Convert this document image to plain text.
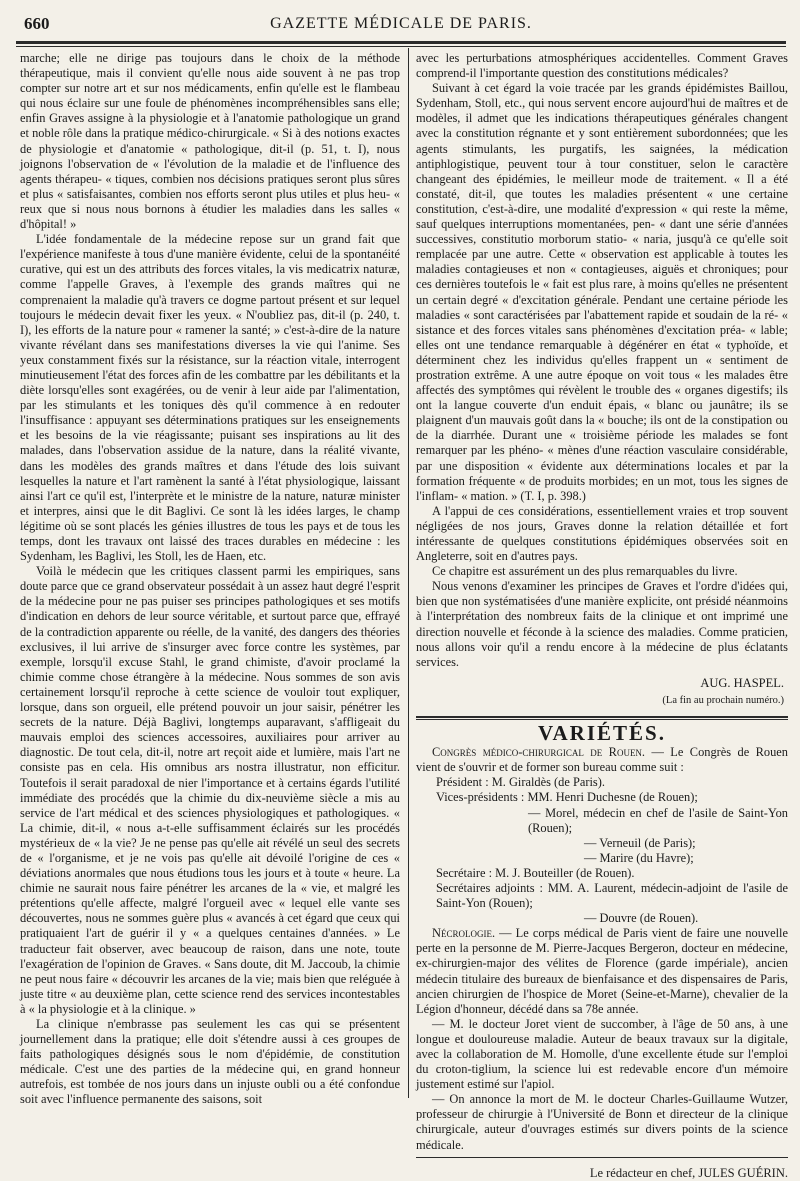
660	GAZETTE MÉDICALE DE PARIS.

marche; elle ne dirige pas toujours dans le choix de la méthode thérapeutique, mais il convient qu'elle nous aide souvent à ne pas trop compter sur notre art et sur nos médicaments, enfin qu'elle est le flambeau qui nous éclaire sur une foule de phénomènes incompréhensibles sans elle; enfin Graves assigne à la physiologie et à l'anatomie pathologique un grand et noble rôle dans la pratique médico-chirurgicale. « Si à des notions exactes de physiologie et d'anatomie « pathologique, dit-il (p. 51, t. I), nous joignons l'observation de « l'évolution de la maladie et de l'influence des agents thérapeu- « tiques, combien nos décisions pratiques seront plus sûres et plus « satisfaisantes, combien nos efforts seront plus utiles et plus heu- « reux que si nous nous bornons à étudier les maladies dans les salles « d'hôpital! »

L'idée fondamentale de la médecine repose sur un grand fait que l'expérience manifeste à tous d'une manière évidente, celui de la spontanéité curative, qui est un des attributs des forces vitales, la vis medicatrix naturæ, comme l'appelle Graves, à l'exemple des grands maîtres qui ne comprenaient la maladie qu'à travers ce dogme partout présent et sur lequel toujours le médecin devait fixer les yeux. « N'oubliez pas, dit-il (p. 240, t. I), les efforts de la nature pour « ramener la santé; » c'est-à-dire de la nature vivante révélant dans ses manifestations diverses la vie qui l'anime. Ses yeux constamment fixés sur la résistance, sur la réaction vitale, interrogent minutieusement l'état des forces afin de les combattre par les débilitants et la diète lorsqu'elles sont exagérées, ou de venir à leur aide par l'alimentation, par les stimulants et les toniques dès qu'il commence à en redouter l'insuffisance : appuyant ses déterminations pratiques sur les enseignements et les besoins de la vie réagissante; puisant ses inspirations au lit des malades, dans l'observation assidue de la nature, dans la réalité vivante, dans les modèles des grands maîtres et dans l'étude des lois suivant lesquelles la nature et l'art ramènent la santé à l'état physiologique, laissant ainsi l'art ce qu'il est, l'interprète et le ministre de la nature, naturæ minister et interpres, ainsi que le dit Baglivi. Ce sont là les idées larges, le champ légitime où se sont placés les génies illustres de tous les pays et de tous les temps, dont les travaux ont laissé des traces durables en médecine : les Sydenham, les Baglivi, les Stoll, les de Haen, etc.

Voilà le médecin que les critiques classent parmi les empiriques, sans doute parce que ce grand observateur possédait à un assez haut degré l'esprit de la médecine pour ne pas puiser ses principes pathologiques et ses motifs d'indication en dehors de leur source véritable, et surtout parce que, effrayé de la contradiction apparente ou réelle, de la vanité, des dangers des théories exclusives, il lui arrive de s'insurger avec force contre les systèmes, par exemple, lorsqu'il excuse Stahl, le grand chimiste, d'avoir proclamé la chimie comme chose étrangère à la médecine. Nous sommes de son avis certainement lorsqu'il reproche à cette science de vouloir tout expliquer, lorsque, dans son orgueil, elle prétend pouvoir un jour saisir, pénétrer les secrets de la nature. Déjà Baglivi, longtemps auparavant, s'affligeait du mauvais emploi des sciences accessoires, auxiliaires pour arriver au diagnostic. De tout cela, dit-il, notre art reçoit aide et lumière, mais l'art ne consiste pas en cela. His omnibus ars nostra illustratur, non efficitur. Toutefois il serait paradoxal de nier l'importance et à certains égards l'utilité immédiate des procédés que la chimie du dix-neuvième siècle a mis au service de l'art médical et des sciences physiologiques et pathologiques. « La chimie, dit-il, « nous a-t-elle suffisamment éclairés sur les procédés mystérieux de « la vie? Je ne pense pas qu'elle ait révélé un seul des secrets de « l'organisme, et je ne vois pas qu'elle ait dévoilé l'origine de ces « déviations anormales que nous étudions tous les jours et à toute « heure. La chimie ne saurait nous faire pénétrer les arcanes de la « vie, et malgré les prétentions qu'elle affecte, malgré l'orgueil avec « lequel elle vante ses découvertes, nous ne sommes guère plus « avancés à cet égard que ceux qui pratiquaient l'art de guérir il y « a quelques centaines d'années. » Le traducteur fait observer, avec beaucoup de raison, dans une note, toute l'exagération de l'opinion de Graves. « Sans doute, dit M. Jaccoub, la chimie ne peut nous faire « découvrir les arcanes de la vie; mais bien que reléguée à juste titre « au deuxième plan, cette science rend des services incontestables à « la physiologie et à la clinique. »

La clinique n'embrasse pas seulement les cas qui se présentent journellement dans la pratique; elle doit s'étendre aussi à ces groupes de faits pathologiques désignés sous le nom d'épidémie, de constitution médicale. C'est une des parties de la médecine qui, en grand honneur autrefois, est tombée de nos jours dans un injuste oubli ou a été confondue soit avec l'influence permanente des saisons, soit

avec les perturbations atmosphériques accidentelles. Comment Graves comprend-il l'importante question des constitutions médicales?

Suivant à cet égard la voie tracée par les grands épidémistes Baillou, Sydenham, Stoll, etc., qui nous servent encore aujourd'hui de maîtres et de modèles, il admet que les indications thérapeutiques générales changent avec la constitution régnante et y sont entièrement subordonnées; que les agents stimulants, les purgatifs, les saignées, la médication antiphlogistique, peuvent tour à tour constituer, selon le caractère changeant des épidémies, le meilleur mode de traitement. « Il a été constaté, dit-il, que toutes les maladies présentent « une certaine constitution, c'est-à-dire, une modalité d'expression « qui reste la même, sauf quelques interruptions momentanées, pen- « dant une série d'années successives, constitutio morborum statio- « naria, jusqu'à ce qu'elle soit remplacée par une autre. Cette « observation est applicable à toutes les maladies contagieuses et non « contagieuses, aiguës et chroniques; pour ces dernières toutefois le « fait est plus rare, à moins qu'elles ne présentent un certain degré « d'excitation générale. Pendant une certaine période les maladies « sont caractérisées par l'abattement rapide et soudain de la ré- « sistance et des forces vitales sans phénomènes d'excitation préa- « lable; elles ont une tendance remarquable à dégénérer en état « typhoïde, et déterminent chez les individus qu'elles frappent un « sentiment de prostration extrême. A une autre époque on voit tous « les malades être affectés des symptômes qui révèlent le trouble des « organes digestifs; ils ont la langue couverte d'un enduit épais, « blanc ou jaunâtre; ils se plaignent d'un mauvais goût dans la « bouche; ils ont de la constipation ou de la diarrhée. Durant une « troisième période les malades se font remarquer par les phéno- « mènes d'une réaction vasculaire considérable, par une disposition « évidente aux déterminations locales et par la formation fréquente « de produits morbides; en un mot, tous les signes de l'inflam- « mation. » (T. I, p. 398.)

A l'appui de ces considérations, essentiellement vraies et trop souvent négligées de nos jours, Graves donne la relation détaillée et fort intéressante de quelques constitutions épidémiques observées soit en Angleterre, soit en d'autres pays.

Ce chapitre est assurément un des plus remarquables du livre.

Nous venons d'examiner les principes de Graves et l'ordre d'idées qui, bien que non systématisées d'une manière explicite, ont présidé néanmoins à l'interprétation des nombreux faits de la clinique et ont imprimé une direction nouvelle et féconde à la science des maladies. Comme praticien, nous allons voir qu'il a rendu encore à la médecine de plus éclatants services.

AUG. HASPEL.
(La fin au prochain numéro.)
VARIÉTÉS.

Congrès médico-chirurgical de Rouen. — Le Congrès de Rouen vient de s'ouvrir et de former son bureau comme suit :

Président : M. Giraldès (de Paris).

Vices-présidents : MM. Henri Duchesne (de Rouen);

— Morel, médecin en chef de l'asile de Saint-Yon (Rouen);

— Verneuil (de Paris);

— Marire (du Havre);

Secrétaire : M. J. Bouteiller (de Rouen).

Secrétaires adjoints : MM. A. Laurent, médecin-adjoint de l'asile de Saint-Yon (Rouen);

— Douvre (de Rouen).

Nécrologie. — Le corps médical de Paris vient de faire une nouvelle perte en la personne de M. Pierre-Jacques Bergeron, docteur en médecine, ex-chirurgien-major des vélites de Florence (garde impériale), ancien médecin titulaire des bureaux de bienfaisance et des dispensaires de Paris, ancien chirurgien de l'hospice de Moret (Seine-et-Marne), chevalier de la Légion d'honneur, décédé dans sa 78e année.

— M. le docteur Joret vient de succomber, à l'âge de 50 ans, à une longue et douloureuse maladie. Auteur de beaux travaux sur la digitale, avec la collaboration de M. Homolle, d'une excellente étude sur l'emploi du croton-tiglium, la science lui est redevable encore d'un mémoire justement estimé sur l'apiol.

— On annonce la mort de M. le docteur Charles-Guillaume Wutzer, professeur de chirurgie à l'Université de Bonn et directeur de la clinique chirurgicale, auteur d'ouvrages estimés sur divers points de la science médicale.

Le rédacteur en chef, JULES GUÉRIN.
